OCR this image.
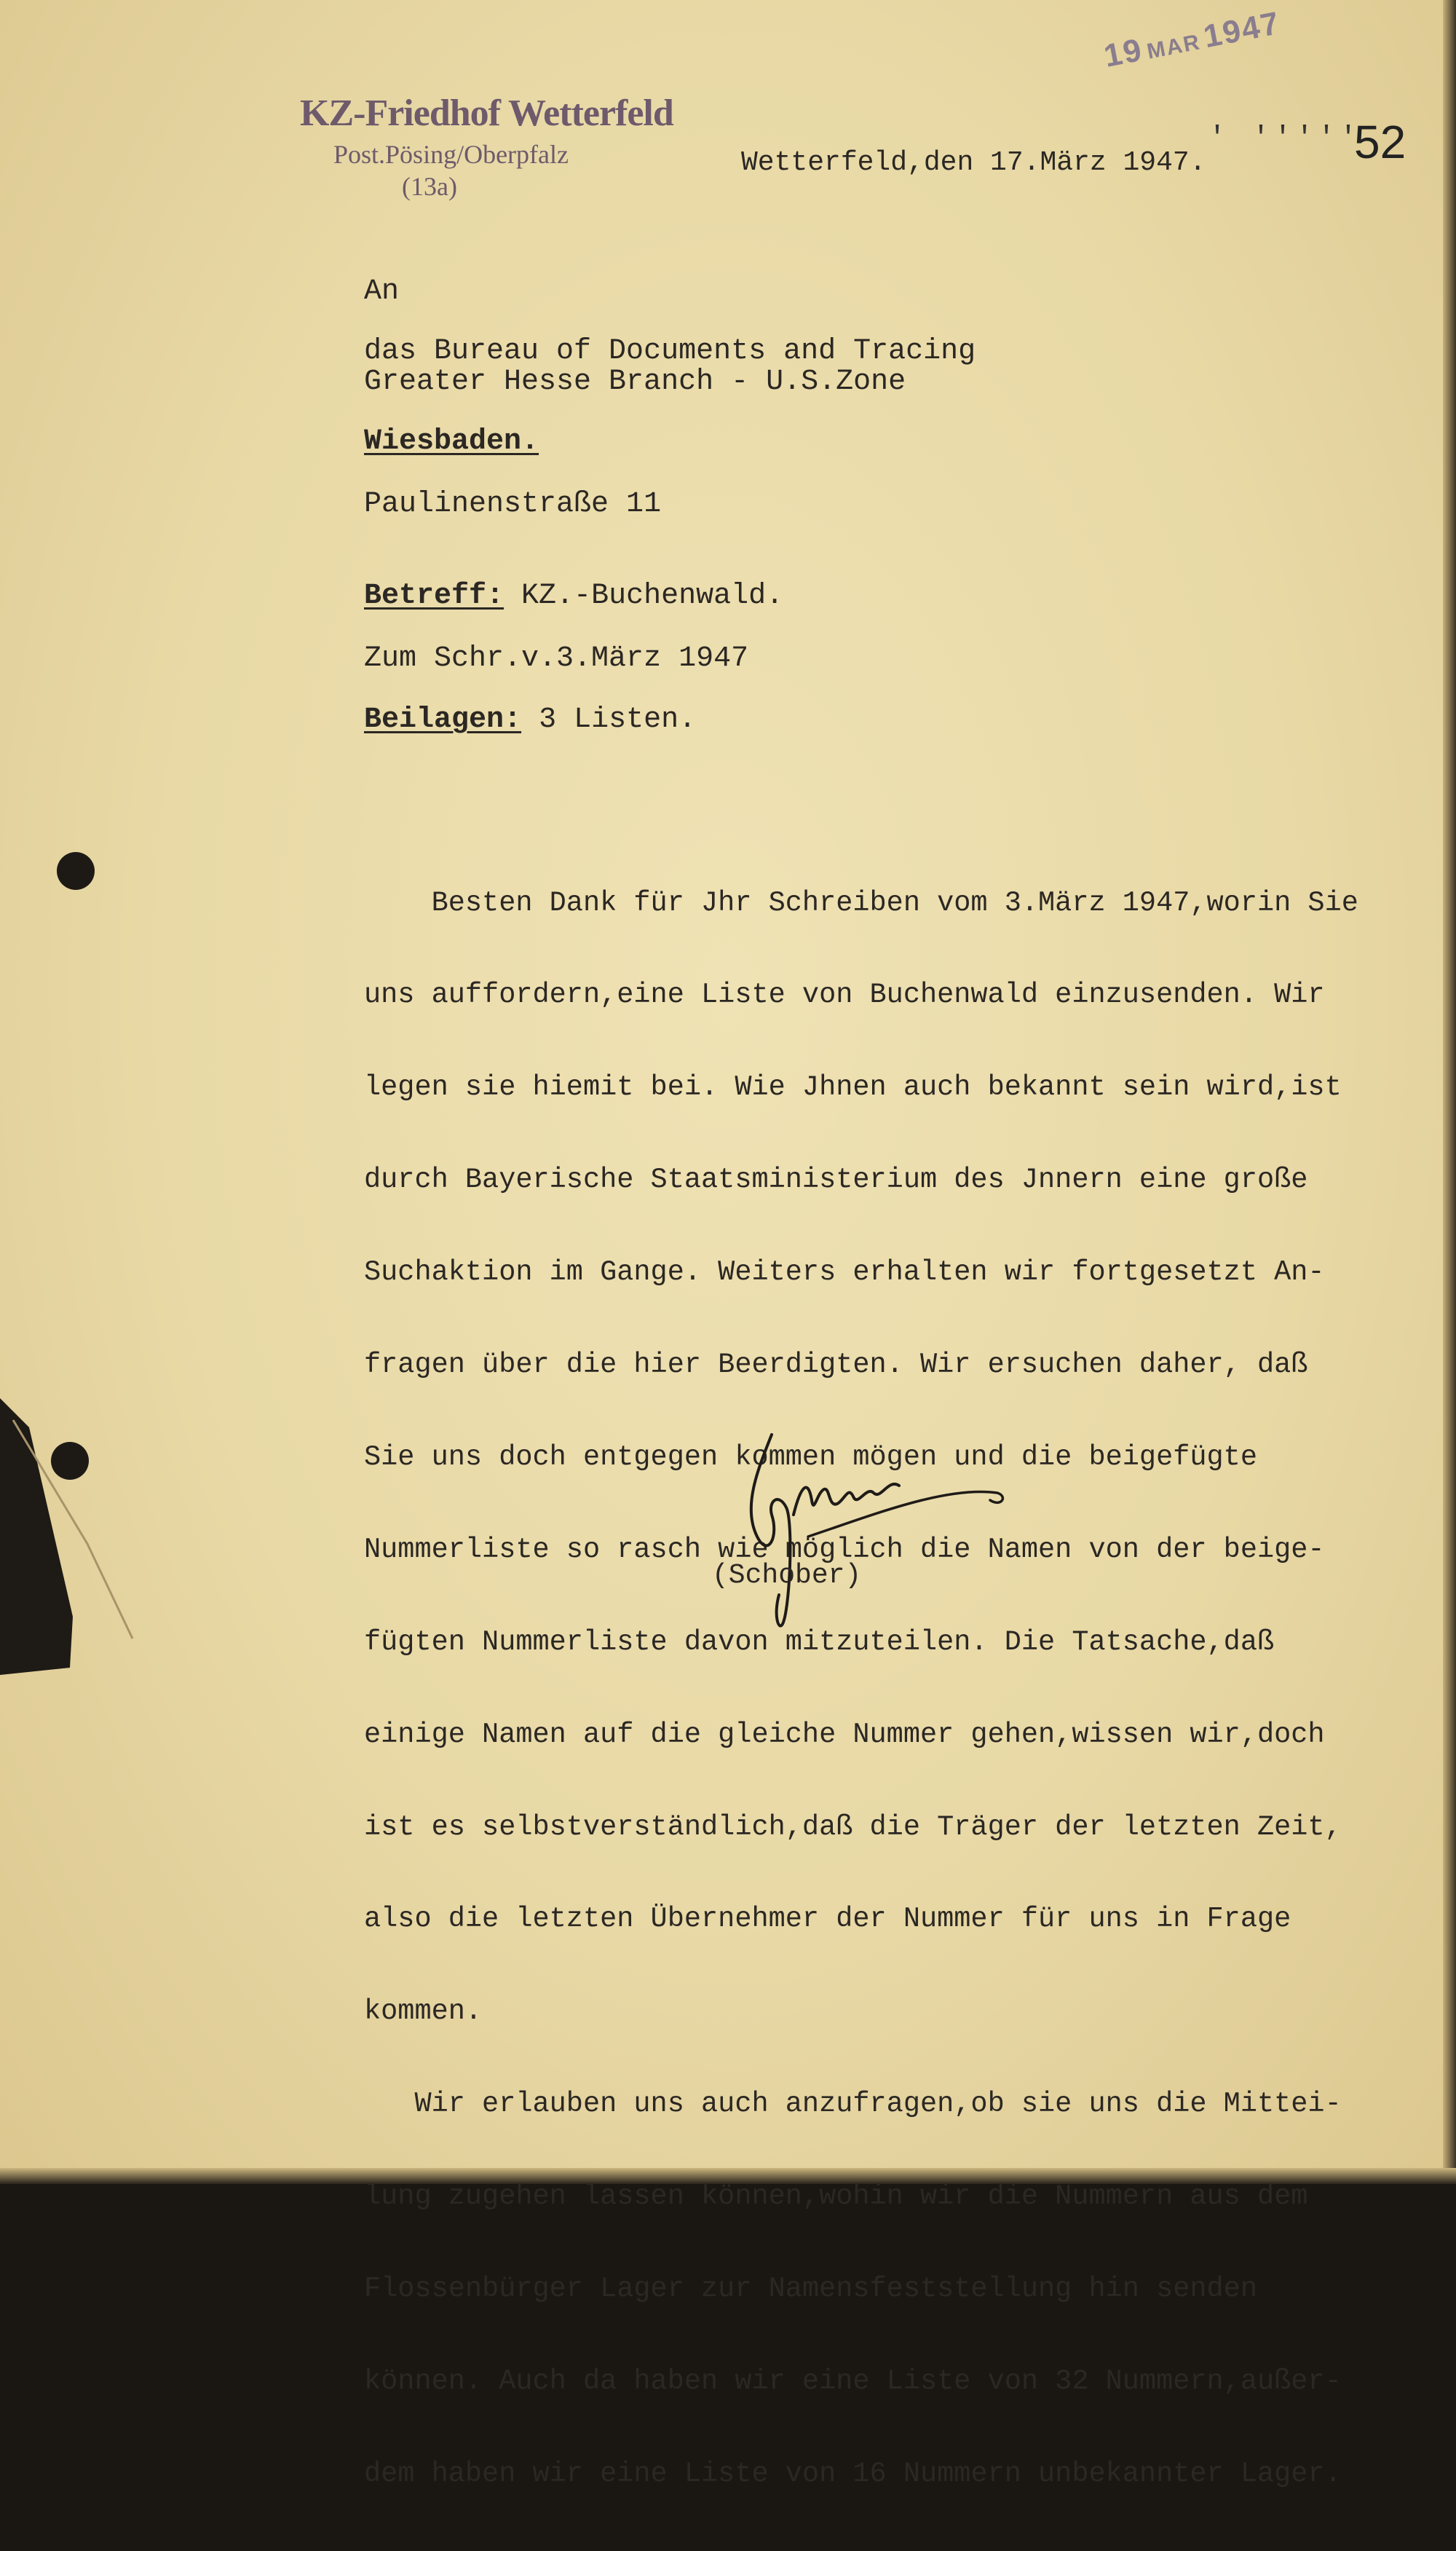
19MAR1947
KZ-Friedhof Wetterfeld
Post.Pösing/Oberpfalz
(13a)
Wetterfeld,den 17.März 1947.
' '''''
52
An
das Bureau of Documents and Tracing
Greater Hesse Branch - U.S.Zone
Wiesbaden.
Paulinenstraße 11
Betreff: KZ.-Buchenwald.
Zum Schr.v.3.März 1947
Beilagen: 3 Listen.

Besten Dank für Jhr Schreiben vom 3.März 1947,worin Sie

uns auffordern,eine Liste von Buchenwald einzusenden. Wir

legen sie hiemit bei. Wie Jhnen auch bekannt sein wird,ist

durch Bayerische Staatsministerium des Jnnern eine große

Suchaktion im Gange. Weiters erhalten wir fortgesetzt An-

fragen über die hier Beerdigten. Wir ersuchen daher, daß

Sie uns doch entgegen kommen mögen und die beigefügte

Nummerliste so rasch wie möglich die Namen von der beige-

fügten Nummerliste davon mitzuteilen. Die Tatsache,daß

einige Namen auf die gleiche Nummer gehen,wissen wir,doch

ist es selbstverständlich,daß die Träger der letzten Zeit,

also die letzten Übernehmer der Nummer für uns in Frage

kommen.

Wir erlauben uns auch anzufragen,ob sie uns die Mittei-

lung zugehen lassen können,wohin wir die Nummern aus dem

Flossenbürger Lager zur Namensfeststellung hin senden

können. Auch da haben wir eine Liste von 32 Nummern,außer-

dem haben wir eine Liste von 16 Nummern unbekannter Lager.

(Schober)
